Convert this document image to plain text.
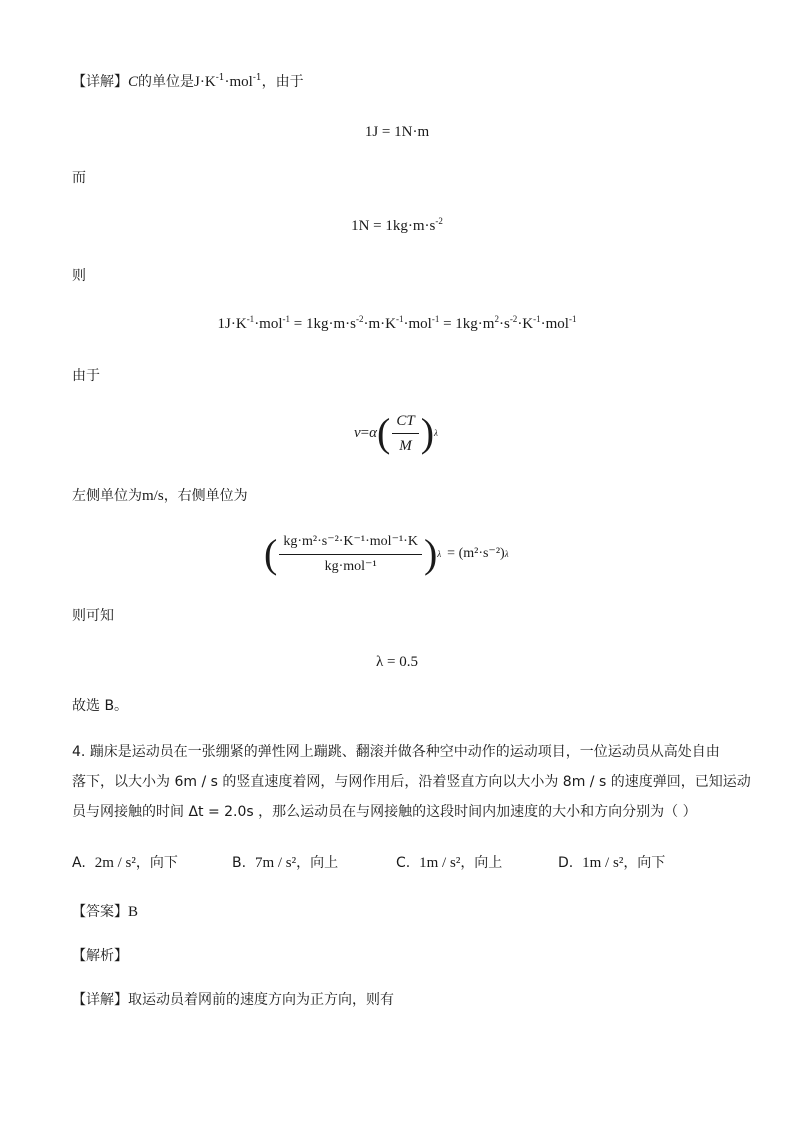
【详解】C的单位是$J\cdot K^{-1}\cdot mol^{-1}$，由于
1J = 1N·m
而
$1N = 1kg\cdot m\cdot s^{-2}$
则
$1J\cdot K^{-1}\cdot mol^{-1} = 1kg\cdot m\cdot s^{-2}\cdot m\cdot K^{-1}\cdot mol^{-1} = 1kg\cdot m^2\cdot s^{-2}\cdot K^{-1}\cdot mol^{-1}$
由于
v = α ( $\frac{CT}{M}$ ) λ
左侧单位为m/s，右侧单位为
( $\frac{\text{kg·m²·s⁻²·K⁻¹·mol⁻¹·K}}{\text{kg·mol⁻¹}}$ ) λ = (m²·s⁻²) λ
则可知
λ = 0.5
故选 B。
4. 蹦床是运动员在一张绷紧的弹性网上蹦跳、翻滚并做各种空中动作的运动项目，一位运动员从高处自由
落下，以大小为 6m / s 的竖直速度着网，与网作用后，沿着竖直方向以大小为 8m / s 的速度弹回，已知运动
员与网接触的时间 Δt = 2.0s ，那么运动员在与网接触的这段时间内加速度的大小和方向分别为（ ）
A. 2m / s²，向下	B. 7m / s²，向上	C. 1m / s²，向上	D. 1m / s²，向下
【答案】B
【解析】
【详解】取运动员着网前的速度方向为正方向，则有
